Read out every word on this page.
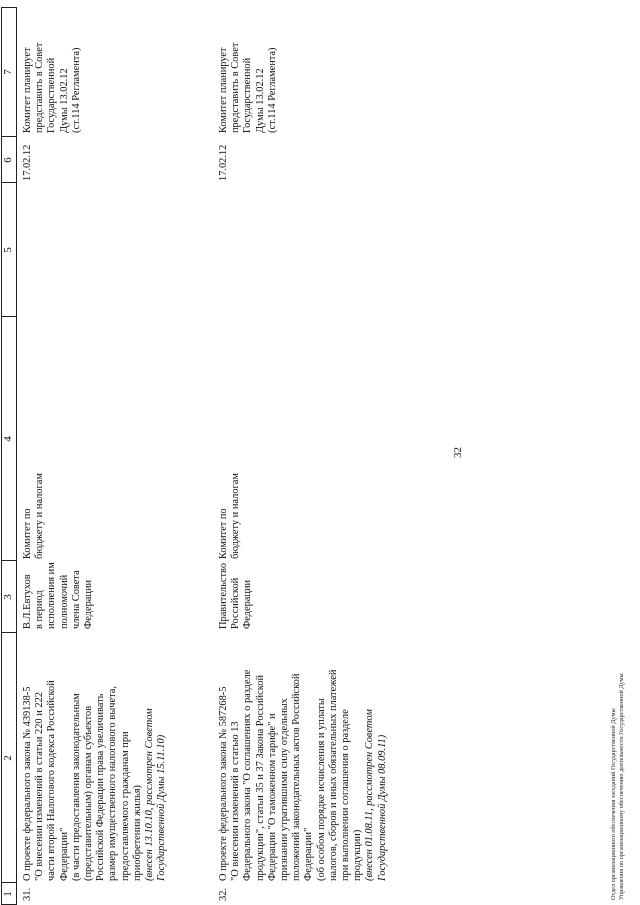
32
1
2
3
4
5
6
7
31.
О проекте федерального закона № 439138-5 "О внесении изменений в статьи 220 и 222 части второй Налогового кодекса Российской Федерации" (в части предоставления законодательным (представительным) органам субъектов Российской Федерации права увеличивать размер имущественного налогового вычета, предоставляемого гражданам при приобретении жилья) (внесен 13.10.10, рассмотрен Советом Государственной Думы 15.11.10)
В.Л.Евтухов в период исполнения им полномочий члена Совета Федерации
Комитет по бюджету и налогам
17.02.12
Комитет планирует представить в Совет Государственной Думы 13.02.12 (ст.114 Регламента)
32.
О проекте федерального закона № 587268-5 "О внесении изменений в статью 13 Федерального закона "О соглашениях о разделе продукции", статьи 35 и 37 Закона Российской Федерации "О таможенном тарифе" и признании утратившими силу отдельных положений законодательных актов Российской Федерации" (об особом порядке исчисления и уплаты налогов, сборов и иных обязательных платежей при выполнении соглашения о разделе продукции) (внесен 01.08.11, рассмотрен Советом Государственной Думы 08.09.11)
Правительство Российской Федерации
Комитет по бюджету и налогам
17.02.12
Комитет планирует представить в Совет Государственной Думы 13.02.12 (ст.114 Регламента)
Отдел организационного обеспечения заседаний Государственной Думы Управления по организационному обеспечению деятельности Государственной Думы
